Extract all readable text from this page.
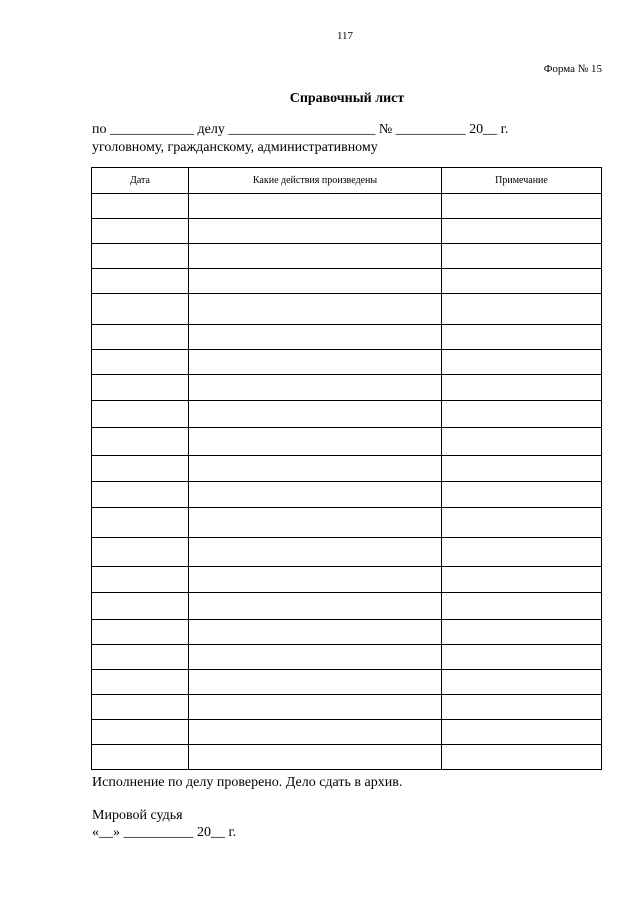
117
Форма № 15
Справочный лист
по ____________ делу _____________________ № __________ 20__ г.
уголовному, гражданскому, административному
Дата	Какие действия произведены	Примечание

Исполнение по делу проверено. Дело сдать в архив.
Мировой судья
«__» __________ 20__ г.
